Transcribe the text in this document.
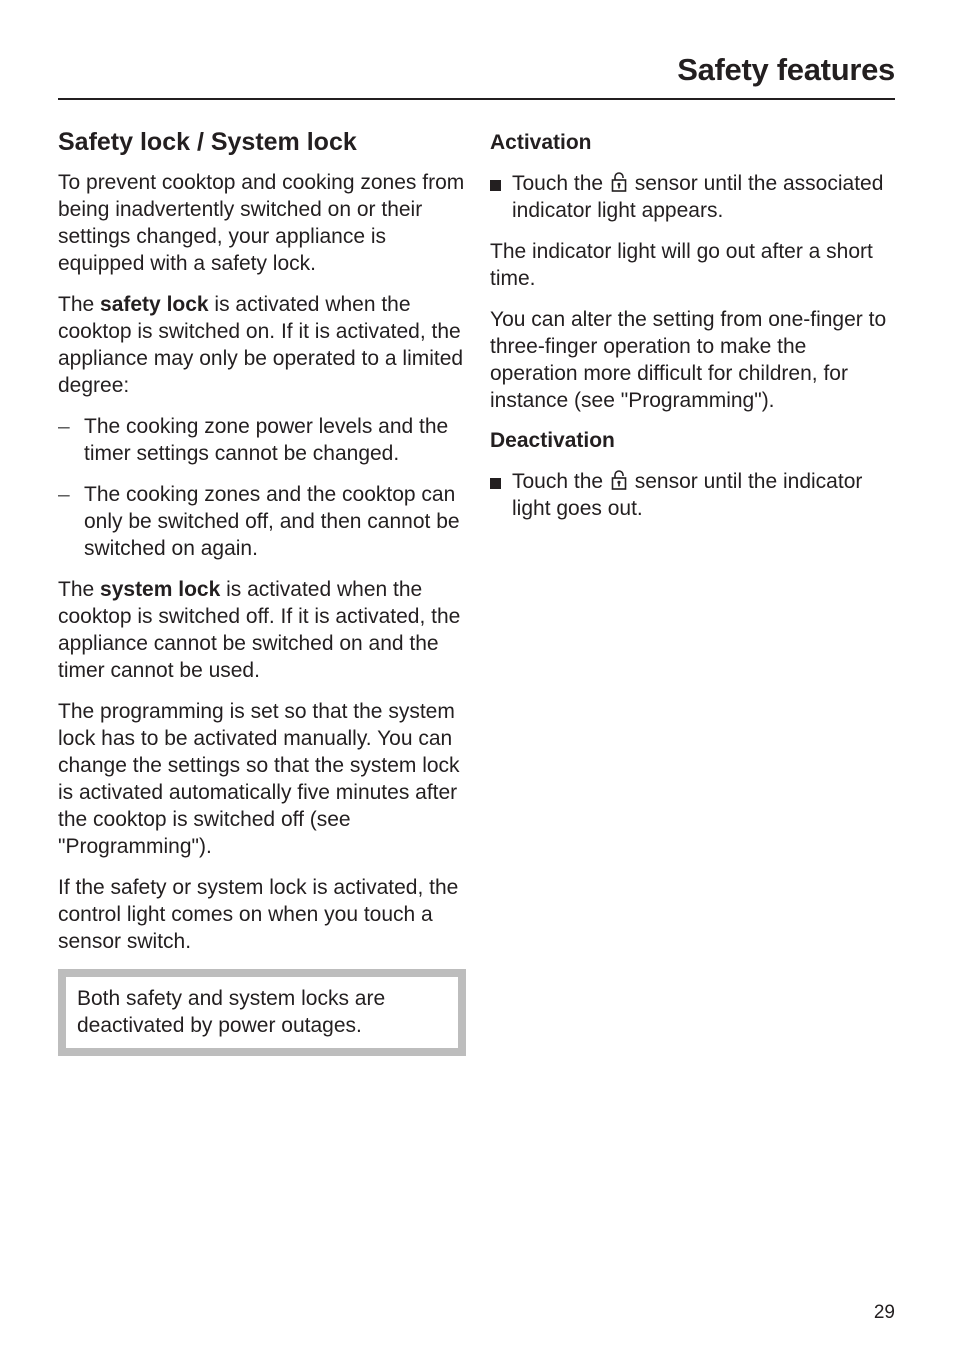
Safety features
Safety lock / System lock

To prevent cooktop and cooking zones from being inadvertently switched on or their settings changed, your appliance is equipped with a safety lock.

The safety lock is activated when the cooktop is switched on. If it is activated, the appliance may only be operated to a limited degree:

– The cooking zone power levels and the timer settings cannot be changed.
– The cooking zones and the cooktop can only be switched off, and then cannot be switched on again.

The system lock is activated when the cooktop is switched off. If it is activated, the appliance cannot be switched on and the timer cannot be used.

The programming is set so that the system lock has to be activated manually. You can change the settings so that the system lock is activated automatically five minutes after the cooktop is switched off (see "Programming").

If the safety or system lock is activated, the control light comes on when you touch a sensor switch.

Both safety and system locks are deactivated by power outages.

Activation
Touch the  sensor until the associated indicator light appears.

The indicator light will go out after a short time.

You can alter the setting from one-finger to three-finger operation to make the operation more difficult for children, for instance (see "Programming").

Deactivation
Touch the  sensor until the indicator light goes out.
29
